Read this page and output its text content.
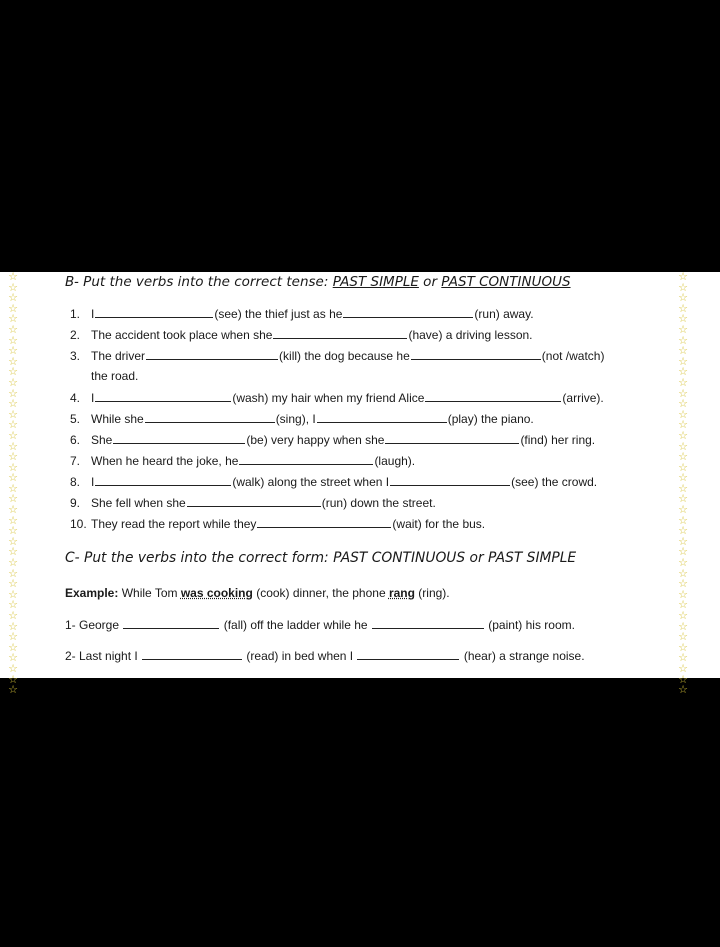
☆
☆
☆
☆
☆
☆
☆
☆
☆
☆
☆
☆
☆
☆
☆
☆
☆
☆
☆
☆
☆
☆
☆
☆
☆
☆
☆
☆
☆
☆
☆
☆
☆
☆
☆
☆
☆
☆
☆
☆
☆
☆
☆
☆
☆
☆
☆
☆
☆
☆
☆
☆
☆
☆
☆
☆
☆
☆
☆
☆
☆
☆
☆
☆
☆
☆
☆
☆
☆
☆
☆
☆
☆
☆
☆
☆
☆
☆
☆
☆
B- Put the verbs into the correct tense: PAST SIMPLE or PAST CONTINUOUS
1. I	(see) the thief just as he	(run) away.
2. The accident took place when she	(have) a driving lesson.
3. The driver	(kill) the dog because he	(not /watch)
the road.
4. I	(wash) my hair when my friend Alice	(arrive).
5. While she	(sing), I	(play) the piano.
6. She	(be) very happy when she	(find) her ring.
7. When he heard the joke, he	(laugh).
8. I	(walk) along the street when I	(see) the crowd.
9. She fell when she	(run) down the street.
10. They read the report while they	(wait) for the bus.
C- Put the verbs into the correct form: PAST CONTINUOUS or PAST SIMPLE
Example: While Tom was cooking (cook) dinner, the phone rang (ring).
1- George	(fall) off the ladder while he	(paint) his room.
2- Last night I	(read) in bed when I	(hear) a strange noise.
